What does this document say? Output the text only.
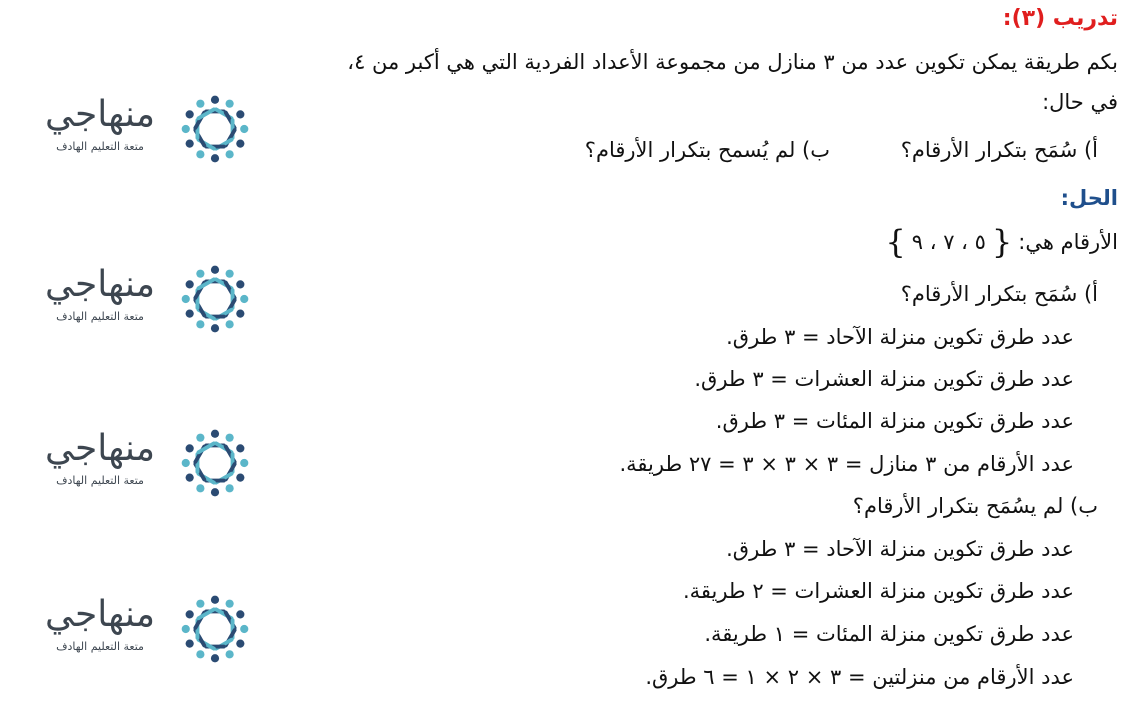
تدريب (٣):
بكم طريقة يمكن تكوين عدد من ٣ منازل من مجموعة الأعداد الفردية التي هي أكبر من ٤،
في حال:
أ) سُمَح بتكرار الأرقام؟
ب) لم يُسمح بتكرار الأرقام؟
الحل:
الأرقام هي:
{
٥ ، ٧ ، ٩
}
أ) سُمَح بتكرار الأرقام؟
عدد طرق تكوين منزلة الآحاد = ٣ طرق.
عدد طرق تكوين منزلة العشرات = ٣ طرق.
عدد طرق تكوين منزلة المئات = ٣ طرق.
عدد الأرقام من ٣ منازل = ٣ × ٣ × ٣ = ٢٧ طريقة.
ب) لم يسُمَح بتكرار الأرقام؟
عدد طرق تكوين منزلة الآحاد = ٣ طرق.
عدد طرق تكوين منزلة العشرات = ٢ طريقة.
عدد طرق تكوين منزلة المئات = ١ طريقة.
عدد الأرقام من منزلتين = ٣ × ٢ × ١ = ٦ طرق.
منهاجي
متعة التعليم الهادف
منهاجي
متعة التعليم الهادف
منهاجي
متعة التعليم الهادف
منهاجي
متعة التعليم الهادف
